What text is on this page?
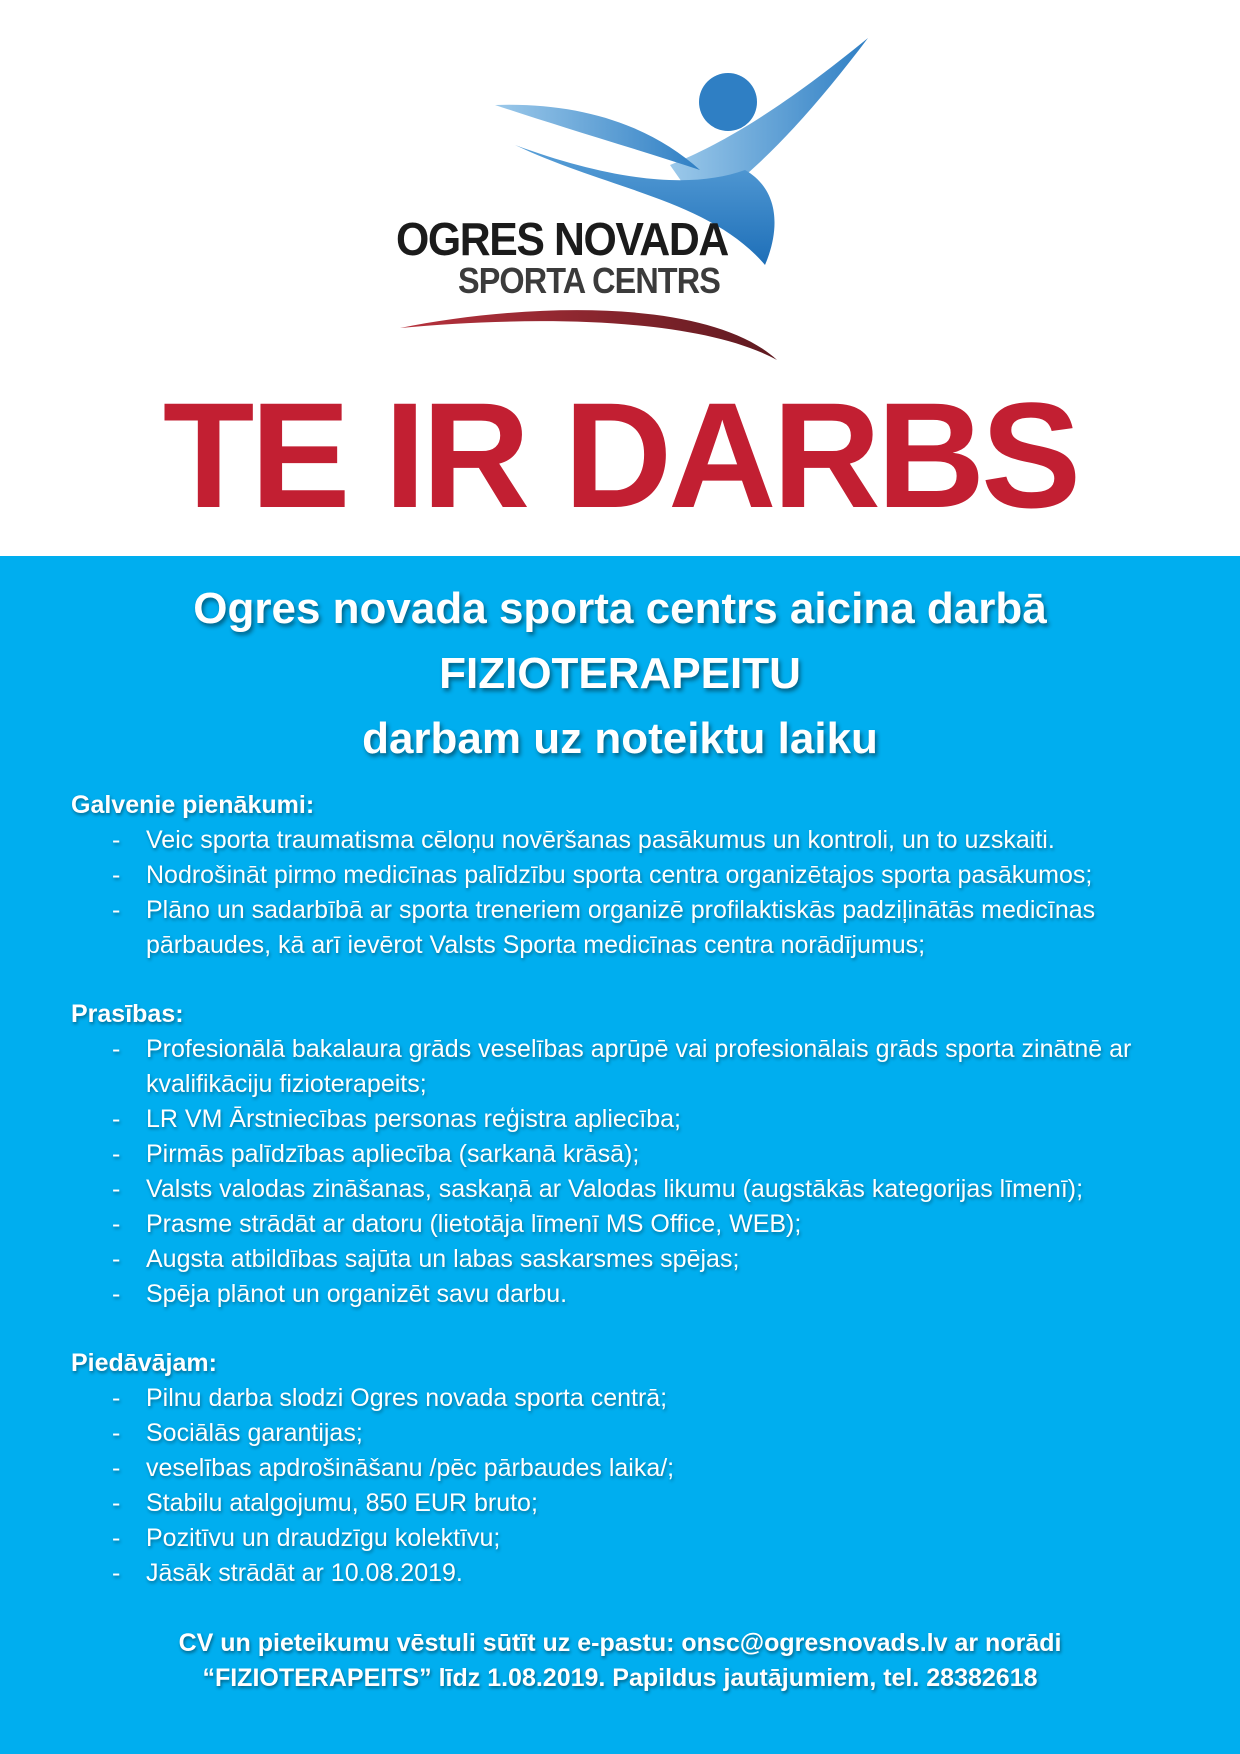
OGRES NOVADA
SPORTA CENTRS
TE IR DARBS
Ogres novada sporta centrs aicina darbā
FIZIOTERAPEITU
darbam uz noteiktu laiku
Galvenie pienākumi:
- Veic sporta traumatisma cēloņu novēršanas pasākumus un kontroli, un to uzskaiti.
- Nodrošināt pirmo medicīnas palīdzību sporta centra organizētajos sporta pasākumos;
- Plāno un sadarbībā ar sporta treneriem organizē profilaktiskās padziļinātās medicīnas pārbaudes, kā arī ievērot Valsts Sporta medicīnas centra norādījumus;
Prasības:
- Profesionālā bakalaura grāds veselības aprūpē vai profesionālais grāds sporta zinātnē ar kvalifikāciju fizioterapeits;
- LR VM Ārstniecības personas reģistra apliecība;
- Pirmās palīdzības apliecība (sarkanā krāsā);
- Valsts valodas zināšanas, saskaņā ar Valodas likumu (augstākās kategorijas līmenī);
- Prasme strādāt ar datoru (lietotāja līmenī MS Office, WEB);
- Augsta atbildības sajūta un labas saskarsmes spējas;
- Spēja plānot un organizēt savu darbu.
Piedāvājam:
- Pilnu darba slodzi Ogres novada sporta centrā;
- Sociālās garantijas;
- veselības apdrošināšanu /pēc pārbaudes laika/;
- Stabilu atalgojumu, 850 EUR bruto;
- Pozitīvu un draudzīgu kolektīvu;
- Jāsāk strādāt ar 10.08.2019.
CV un pieteikumu vēstuli sūtīt uz e-pastu: onsc@ogresnovads.lv ar norādi
“FIZIOTERAPEITS” līdz 1.08.2019. Papildus jautājumiem, tel. 28382618
